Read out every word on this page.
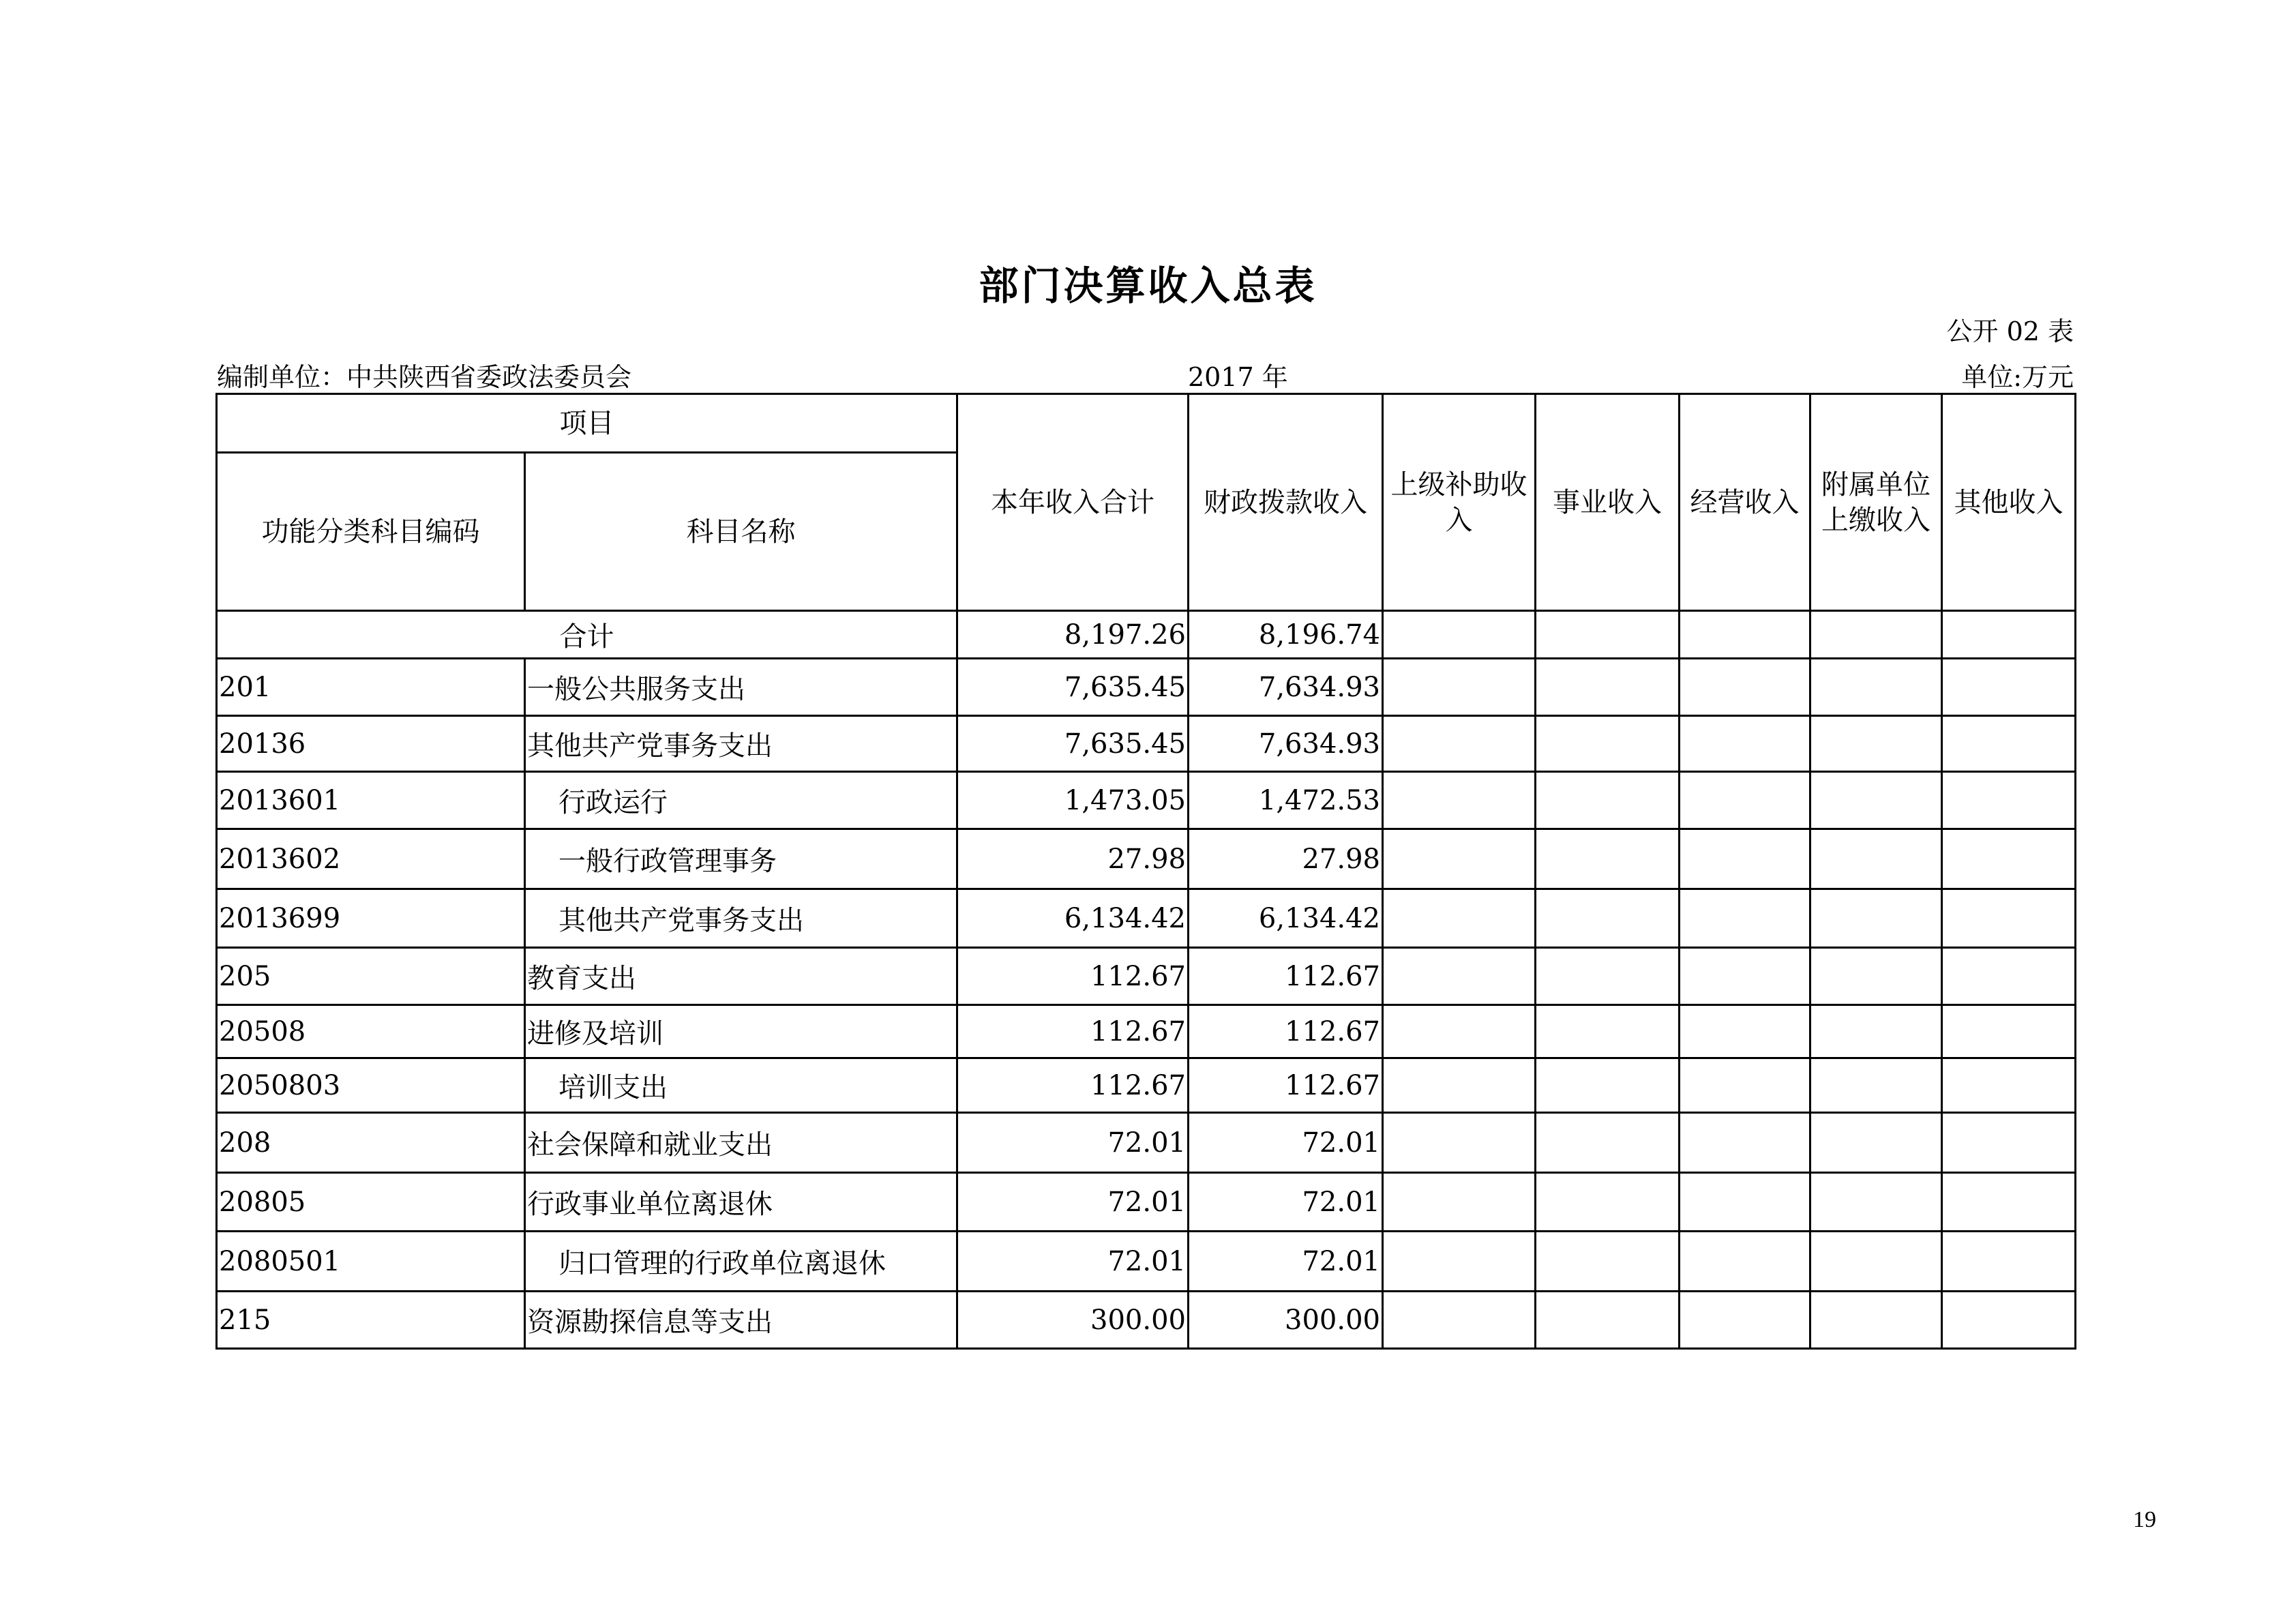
部门决算收入总表
公开 02 表
编制单位：中共陕西省委政法委员会	2017 年	单位:万元
项目		本年收入合计	财政拨款收入	上级补助收入	事业收入	经营收入	附属单位上缴收入	其他收入
功能分类科目编码	科目名称							
合计		8,197.26	8,196.74					
201	一般公共服务支出	7,635.45	7,634.93					
20136	其他共产党事务支出	7,635.45	7,634.93					
2013601	行政运行	1,473.05	1,472.53					
2013602	一般行政管理事务	27.98	27.98					
2013699	其他共产党事务支出	6,134.42	6,134.42					
205	教育支出	112.67	112.67					
20508	进修及培训	112.67	112.67					
2050803	培训支出	112.67	112.67					
208	社会保障和就业支出	72.01	72.01					
20805	行政事业单位离退休	72.01	72.01					
2080501	归口管理的行政单位离退休	72.01	72.01					
215	资源勘探信息等支出	300.00	300.00					
19
